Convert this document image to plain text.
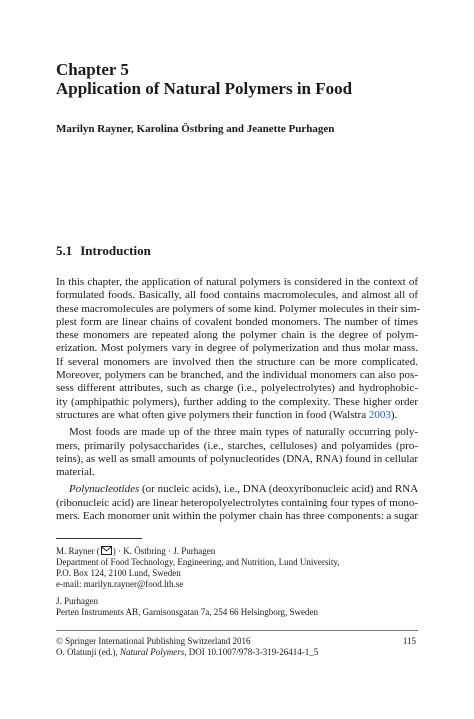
Chapter 5
Application of Natural Polymers in Food
Marilyn Rayner, Karolina Östbring and Jeanette Purhagen
5.1 Introduction
In this chapter, the application of natural polymers is considered in the context of
formulated foods. Basically, all food contains macromolecules, and almost all of
these macromolecules are polymers of some kind. Polymer molecules in their sim-
plest form are linear chains of covalent bonded monomers. The number of times
these monomers are repeated along the polymer chain is the degree of polym-
erization. Most polymers vary in degree of polymerization and thus molar mass.
If several monomers are involved then the structure can be more complicated.
Moreover, polymers can be branched, and the individual monomers can also pos-
sess different attributes, such as charge (i.e., polyelectrolytes) and hydrophobic-
ity (amphipathic polymers), further adding to the complexity. These higher order
structures are what often give polymers their function in food (Walstra 2003).
Most foods are made up of the three main types of naturally occurring poly-
mers, primarily polysaccharides (i.e., starches, celluloses) and polyamides (pro-
teins), as well as small amounts of polynucleotides (DNA, RNA) found in cellular
material.
Polynucleotides (or nucleic acids), i.e., DNA (deoxyribonucleic acid) and RNA
(ribonucleic acid) are linear heteropolyelectrolytes containing four types of mono-
mers. Each monomer unit within the polymer chain has three components: a sugar
M. Rayner ( ) · K. Östbring · J. Purhagen
Department of Food Technology, Engineering, and Nutrition, Lund University,
P.O. Box 124, 2100 Lund, Sweden
e-mail: marilyn.rayner@food.lth.se
J. Purhagen
Perten Instruments AB, Garnisonsgatan 7a, 254 66 Helsingborg, Sweden
© Springer International Publishing Switzerland 2016	115
O. Olatunji (ed.), Natural Polymers, DOI 10.1007/978-3-319-26414-1_5
